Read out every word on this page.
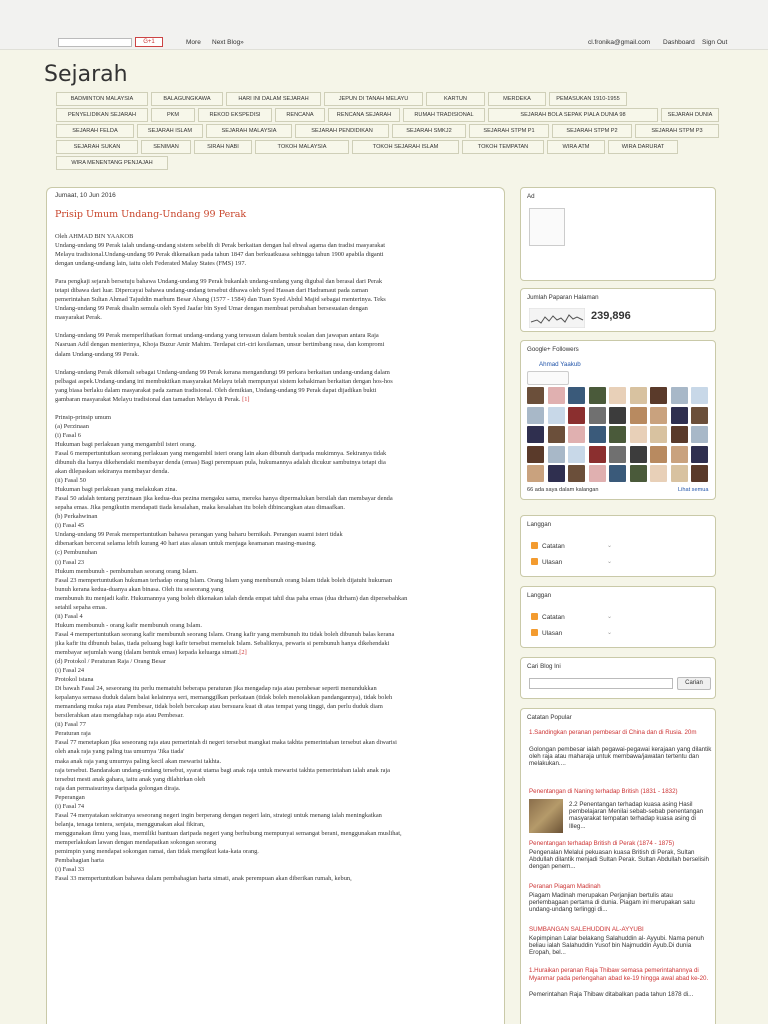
G+1	More Next Blog»	cl.fronika@gmail.com Dashboard Sign Out
Sejarah
BADMINTON MALAYSIA	BALAGUNGKAWA	HARI INI DALAM SEJARAH	JEPUN DI TANAH MELAYU	KARTUN	MERDEKA	PEMASUKAN 1910-1955
PENYELIDIKAN SEJARAH	PKM	REKOD EKSPEDISI	RENCANA	RENCANA SEJARAH	RUMAH TRADISIONAL	SEJARAH BOLA SEPAK PIALA DUNIA 98	SEJARAH DUNIA
SEJARAH FELDA	SEJARAH ISLAM	SEJARAH MALAYSIA	SEJARAH PENDIDIKAN	SEJARAH SMKJ2	SEJARAH STPM P1	SEJARAH STPM P2	SEJARAH STPM P3
SEJARAH SUKAN	SENIMAN	SIRAH NABI	TOKOH MALAYSIA	TOKOH SEJARAH ISLAM	TOKOH TEMPATAN	WIRA ATM	WIRA DARURAT
WIRA MENENTANG PENJAJAH
Jumaat, 10 Jun 2016
Prisip Umum Undang-Undang 99 Perak
Oleh AHMAD BIN YAAKOB

Undang-undang 99 Perak ialah undang-undang sistem sebelih di Perak berkaitan dengan hal ehwal agama dan tradisi masyarakat
Melayu tradisional.Undang-undang 99 Perak dikenaikan pada tahun 1847 dan berkuatkuasa sehingga tahun 1900 apabila diganti
dengan undang-undang lain, iaitu oleh Federated Malay States (FMS) 197.

Para pengkaji sejarah bersetuju bahawa Undang-undang 99 Perak bukanlah undang-undang yang digubal dan berasal dari Perak
tetapi dibawa dari luar. Dipercayai bahawa undang-undang tersebut dibawa oleh Syed Hassan dari Hadramaut pada zaman
pemerintahan Sultan Ahmad Tajuddin marhum Besar Abang (1577 - 1584) dan Tuan Syed Abdul Majid sebagai menterinya. Teks
Undang-undang 99 Perak disalin semula oleh Syed Jaafar bin Syed Umar dengan membuat perubahan bersesuaian dengan
masyarakat Perak.

Undang-undang 99 Perak memperlihatkan format undang-undang yang tersusun dalam bentuk soalan dan jawapan antara Raja
Nasruan Adil dengan menterinya, Khoja Buzur Amir Mahim. Terdapat ciri-ciri kesilaman, unsur bertimbang rasa, dan kompromi
dalam Undang-undang 99 Perak.

Undang-undang Perak dikenali sebagai Undang-undang 99 Perak kerana mengandungi 99 perkara berkaitan undang-undang dalam
pelbagai aspek.Undang-undang ini membuktikan masyarakat Melayu telah mempunyai sistem kehakiman berkaitan dengan hos-hos
yang biasa berlaku dalam masyarakat pada zaman tradisional. Oleh demikian, Undang-undang 99 Perak dapat dijadikan bukti
gambaran masyarakat Melayu tradisional dan tamadun Melayu di Perak. [1]

Prinsip-prinsip umum
(a) Perzinaan
(i) Fasal 6
Hukuman bagi perlakuan yang mengambil isteri orang.
Fasal 6 mempertuntutkan seorang perlakuan yang mengambil isteri orang lain akan dibunuh daripada mukimnya. Sekiranya tidak
dibunuh dia hanya dikehendaki membayar denda (emas) Bagi perempuan pula, hukumannya adalah dicukur sambutnya tetapi dia
akan dilepaskan sekiranya membayar denda.
(ii) Fasal 50
Hukuman bagi perlakuan yang melakukan zina.
Fasal 50 adalah tentang perzinaan jika kedua-dua pezina mengaku sama, mereka hanya dipermalukan bersilah dan membayar denda
sepaha emas. Jika pengikutin mendapati tiada kesalahan, maka kesalahan itu boleh dibincangkan atau dimaafkan.
(b) Perkahwinan
(i) Fasal 45
Undang-undang 99 Perak mempertuntutkan bahawa perangan yang baharu bernikah. Perangan suami isteri tidak
dibenarkan bercerai selama lebih kurang 40 hari atas alasan untuk menjaga keamanan masing-masing.
(c) Pembunuhan
(i) Fasal 23
Hukum membunuh - pembunuhan seorang orang Islam.
Fasal 23 mempertuntutkan hukuman terhadap orang Islam. Orang Islam yang membunuh orang Islam tidak boleh dijatuhi hukuman
bunuh kerana kedua-duanya akan binasa. Oleh itu seseorang yang
membunuh itu menjadi kafir. Hukumannya yang boleh dikenakan ialah denda empat tahil dua paha emas (dua dirham) dan dipersebahkan
setahil sepaha emas.
(ii) Fasal 4
Hukum membunuh - orang kafir membunuh orang Islam.
Fasal 4 mempertuntutkan seorang kafir membunuh seorang Islam. Orang kafir yang membunuh itu tidak boleh dibunuh balas kerana
jika kafir itu dibunuh balas, tiada peluang bagi kafir tersebut memeluk Islam. Sebaliknya, pewaris si pembunuh hanya dikehendaki
membayar sejumlah wang (dalam bentuk emas) kepada keluarga simati.[2]
(d) Protokol / Peraturan Raja / Orang Besar
(i) Fasal 24
Protokol istana
Di bawah Fasal 24, seseorang itu perlu mematuhi beberapa peraturan jika mengadap raja atau pembesar seperti menundukkan
kepalanya semasa duduk dalam balai kelainnya seri, memanggilkan perkataan (tidak boleh menolakkan pandangannya), tidak boleh
memandang muka raja atau Pembesar, tidak boleh bercakap atau bersuara kuat di atas tempat yang tinggi, dan perlu duduk diam
bersilerahkan atau mengdahap raja atau Pembesar.
(ii) Fasal 77
Peraturan raja
Fasal 77 menetapkan jika seseorang raja atau pemerintah di negeri tersebut mangkat maka takhta pemerintahan tersebut akan diwarisi
oleh anak raja yang paling tua umurnya 'Jika tiada'
maka anak raja yang umurnya paling kecil akan mewarisi takhta.
raja tersebut. Bandarakan undang-undang tersebut, syarat utama bagi anak raja untuk mewarisi takhta pemerintahan ialah anak raja
tersebut mesti anak gahara, iaitu anak yang dilahirkan oleh
raja dan permaisurinya daripada golongan diraja.
Peperangan
(i) Fasal 74
Fasal 74 menyatakan sekiranya seseorang negeri ingin berperang dengan negeri lain, strategi untuk menang ialah meningkatkan
belanja, tenaga tentera, senjata, menggunakan akal fikiran,
menggunakan ilmu yang luas, memiliki bantuan daripada negeri yang berhubung mempunyai semangat berani, menggunakan muslihat,
memperlakukan lawan dengan mendapatkan sokongan seorang
pemimpin yang mendapat sokongan ramai, dan tidak mengikut kata-kata orang.
Pembahagian harta
(i) Fasal 33
Fasal 33 mempertuntutkan bahawa dalam pembahagian harta simati, anak perempuan akan diberikan rumah, kebun,
Ad
Jumlah Paparan Halaman
239,896
Google+ Followers
Ahmad Yaakub
66 ada saya dalam kalangan	Lihat semua
Langgan
Catatan	⌄
Ulasan	⌄
Langgan
Catatan	⌄
Ulasan	⌄
Cari Blog Ini
Carian
Catatan Popular
1.Sandingkan peranan pembesar di China dan di Rusia. 20m
Golongan pembesar ialah pegawai-pegawai kerajaan yang dilantik oleh raja atau maharaja untuk membawa/jawatan tertentu dan melakukan....
Penentangan di Naning terhadap British (1831 - 1832)
2.2 Penentangan terhadap kuasa asing Hasil pembelajaran Menilai sebab-sebab penentangan masyarakat tempatan terhadap kuasa asing di Illeg...
Penentangan terhadap British di Perak (1874 - 1875)
Pengenalan Melalui pekuasan kuasa British di Perak, Sultan Abdullah dilantik menjadi Sultan Perak. Sultan Abdullah berselisih dengan penem...
Peranan Piagam Madinah
Piagam Madinah merupakan Perjanjian bertulis atau perlembagaan pertama di dunia. Piagam ini merupakan satu undang-undang terlinggi di...
SUMBANGAN SALEHUDDIN AL-AYYUBI
Kepimpinan Lalar belakang Salahuddin al- Ayyubi. Nama penuh beliau ialah Salahuddin Yusof bin Najmuddin Ayub.Di dunia Eropah, bel...
1.Huraikan peranan Raja Thibaw semasa pemerintahannya di Myanmar pada perlengahan abad ke-19 hingga awal abad ke-20.
Pemerintahan Raja Thibaw ditabalkan pada tahun 1878 di...
